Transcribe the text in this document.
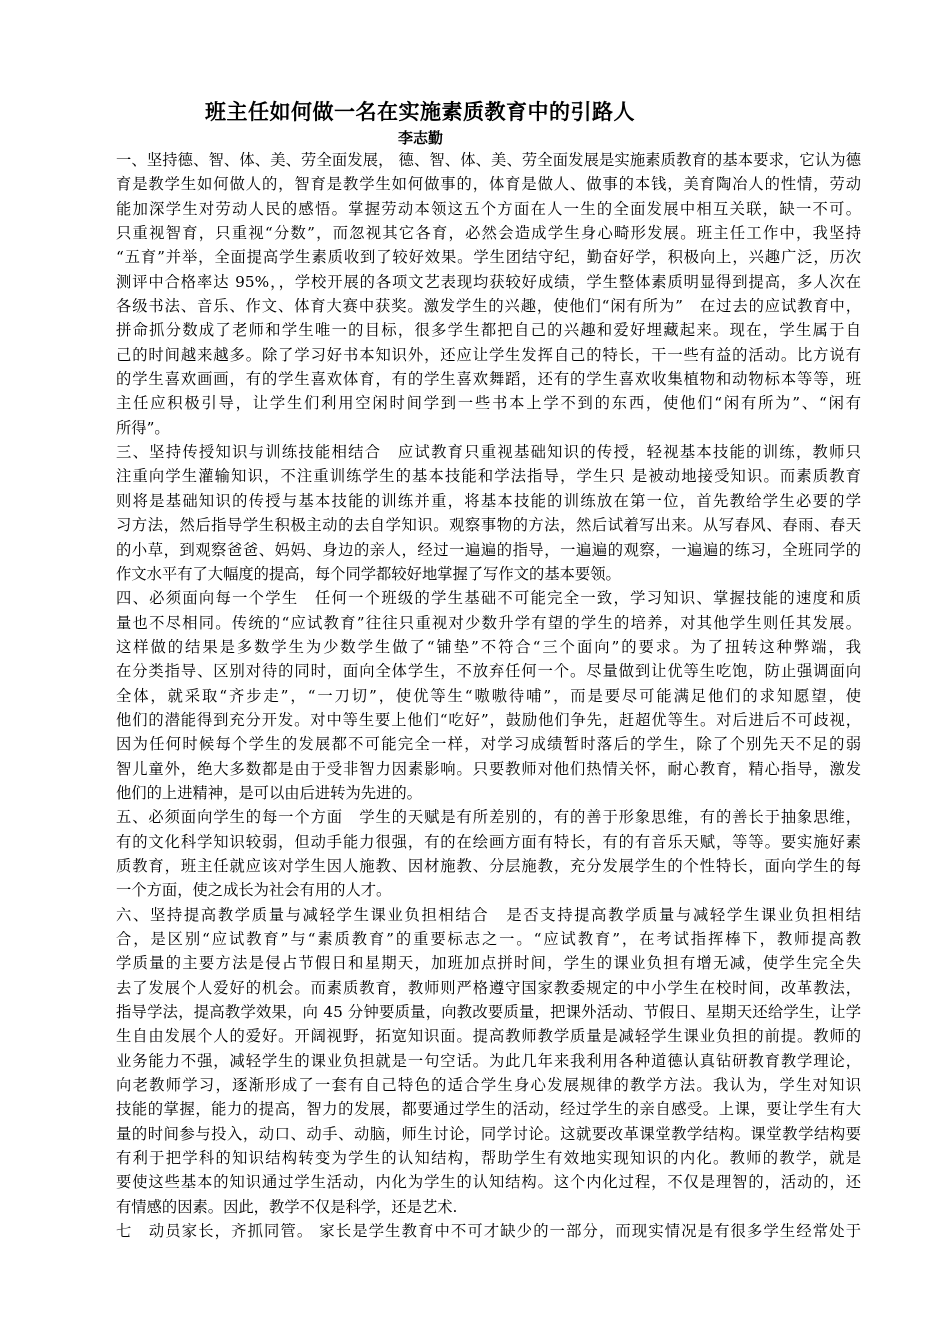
班主任如何做一名在实施素质教育中的引路人
李志勤
一、坚持德、智、体、美、劳全面发展， 德、智、体、美、劳全面发展是实施素质教育的基本要求，它认为德
育是教学生如何做人的，智育是教学生如何做事的，体育是做人、做事的本钱，美育陶冶人的性情，劳动
能加深学生对劳动人民的感悟。掌握劳动本领这五个方面在人一生的全面发展中相互关联，缺一不可。
只重视智育，只重视“分数”，而忽视其它各育，必然会造成学生身心畸形发展。班主任工作中，我坚持
“五育”并举，全面提高学生素质收到了较好效果。学生团结守纪，勤奋好学，积极向上，兴趣广泛，历次
测评中合格率达 95%，，学校开展的各项文艺表现均获较好成绩，学生整体素质明显得到提高，多人次在
各级书法、音乐、作文、体育大赛中获奖。激发学生的兴趣，使他们“闲有所为”　在过去的应试教育中，
拼命抓分数成了老师和学生唯一的目标，很多学生都把自己的兴趣和爱好埋藏起来。现在，学生属于自
己的时间越来越多。除了学习好书本知识外，还应让学生发挥自己的特长，干一些有益的活动。比方说有
的学生喜欢画画，有的学生喜欢体育，有的学生喜欢舞蹈，还有的学生喜欢收集植物和动物标本等等，班
主任应积极引导，让学生们利用空闲时间学到一些书本上学不到的东西，使他们“闲有所为”、“闲有
所得”。
三、坚持传授知识与训练技能相结合　应试教育只重视基础知识的传授，轻视基本技能的训练，教师只
注重向学生灌输知识，不注重训练学生的基本技能和学法指导，学生只 是被动地接受知识。而素质教育
则将是基础知识的传授与基本技能的训练并重，将基本技能的训练放在第一位，首先教给学生必要的学
习方法，然后指导学生积极主动的去自学知识。观察事物的方法，然后试着写出来。从写春风、春雨、春天
的小草，到观察爸爸、妈妈、身边的亲人，经过一遍遍的指导，一遍遍的观察，一遍遍的练习，全班同学的
作文水平有了大幅度的提高，每个同学都较好地掌握了写作文的基本要领。
四、必须面向每一个学生　任何一个班级的学生基础不可能完全一致，学习知识、掌握技能的速度和质
量也不尽相同。传统的“应试教育”往往只重视对少数升学有望的学生的培养，对其他学生则任其发展。
这样做的结果是多数学生为少数学生做了“铺垫”不符合“三个面向”的要求。为了扭转这种弊端，我
在分类指导、区别对待的同时，面向全体学生，不放弃任何一个。尽量做到让优等生吃饱，防止强调面向
全体，就采取“齐步走”，“一刀切”，使优等生“嗷嗷待哺”，而是要尽可能满足他们的求知愿望，使
他们的潜能得到充分开发。对中等生要上他们“吃好”，鼓励他们争先，赶超优等生。对后进后不可歧视，
因为任何时候每个学生的发展都不可能完全一样，对学习成绩暂时落后的学生，除了个别先天不足的弱
智儿童外，绝大多数都是由于受非智力因素影响。只要教师对他们热情关怀，耐心教育，精心指导，激发
他们的上进精神，是可以由后进转为先进的。
五、必须面向学生的每一个方面　学生的天赋是有所差别的，有的善于形象思维，有的善长于抽象思维，
有的文化科学知识较弱，但动手能力很强，有的在绘画方面有特长，有的有音乐天赋，等等。要实施好素
质教育，班主任就应该对学生因人施教、因材施教、分层施教，充分发展学生的个性特长，面向学生的每
一个方面，使之成长为社会有用的人才。
六、坚持提高教学质量与减轻学生课业负担相结合　是否支持提高教学质量与减轻学生课业负担相结
合，是区别“应试教育”与“素质教育”的重要标志之一。“应试教育”，在考试指挥棒下，教师提高教
学质量的主要方法是侵占节假日和星期天，加班加点拼时间，学生的课业负担有增无减，使学生完全失
去了发展个人爱好的机会。而素质教育，教师则严格遵守国家教委规定的中小学生在校时间，改革教法，
指导学法，提高教学效果，向 45 分钟要质量，向教改要质量，把课外活动、节假日、星期天还给学生，让学
生自由发展个人的爱好。开阔视野，拓宽知识面。提高教师教学质量是减轻学生课业负担的前提。教师的
业务能力不强，减轻学生的课业负担就是一句空话。为此几年来我利用各种道德认真钻研教育教学理论，
向老教师学习，逐渐形成了一套有自己特色的适合学生身心发展规律的教学方法。我认为，学生对知识
技能的掌握，能力的提高，智力的发展，都要通过学生的活动，经过学生的亲自感受。上课，要让学生有大
量的时间参与投入，动口、动手、动脑，师生讨论，同学讨论。这就要改革课堂教学结构。课堂教学结构要
有利于把学科的知识结构转变为学生的认知结构，帮助学生有效地实现知识的内化。教师的教学，就是
要使这些基本的知识通过学生活动，内化为学生的认知结构。这个内化过程，不仅是理智的，活动的，还
有情感的因素。因此，教学不仅是科学，还是艺术.
七　动员家长，齐抓同管。 家长是学生教育中不可才缺少的一部分，而现实情况是有很多学生经常处于
